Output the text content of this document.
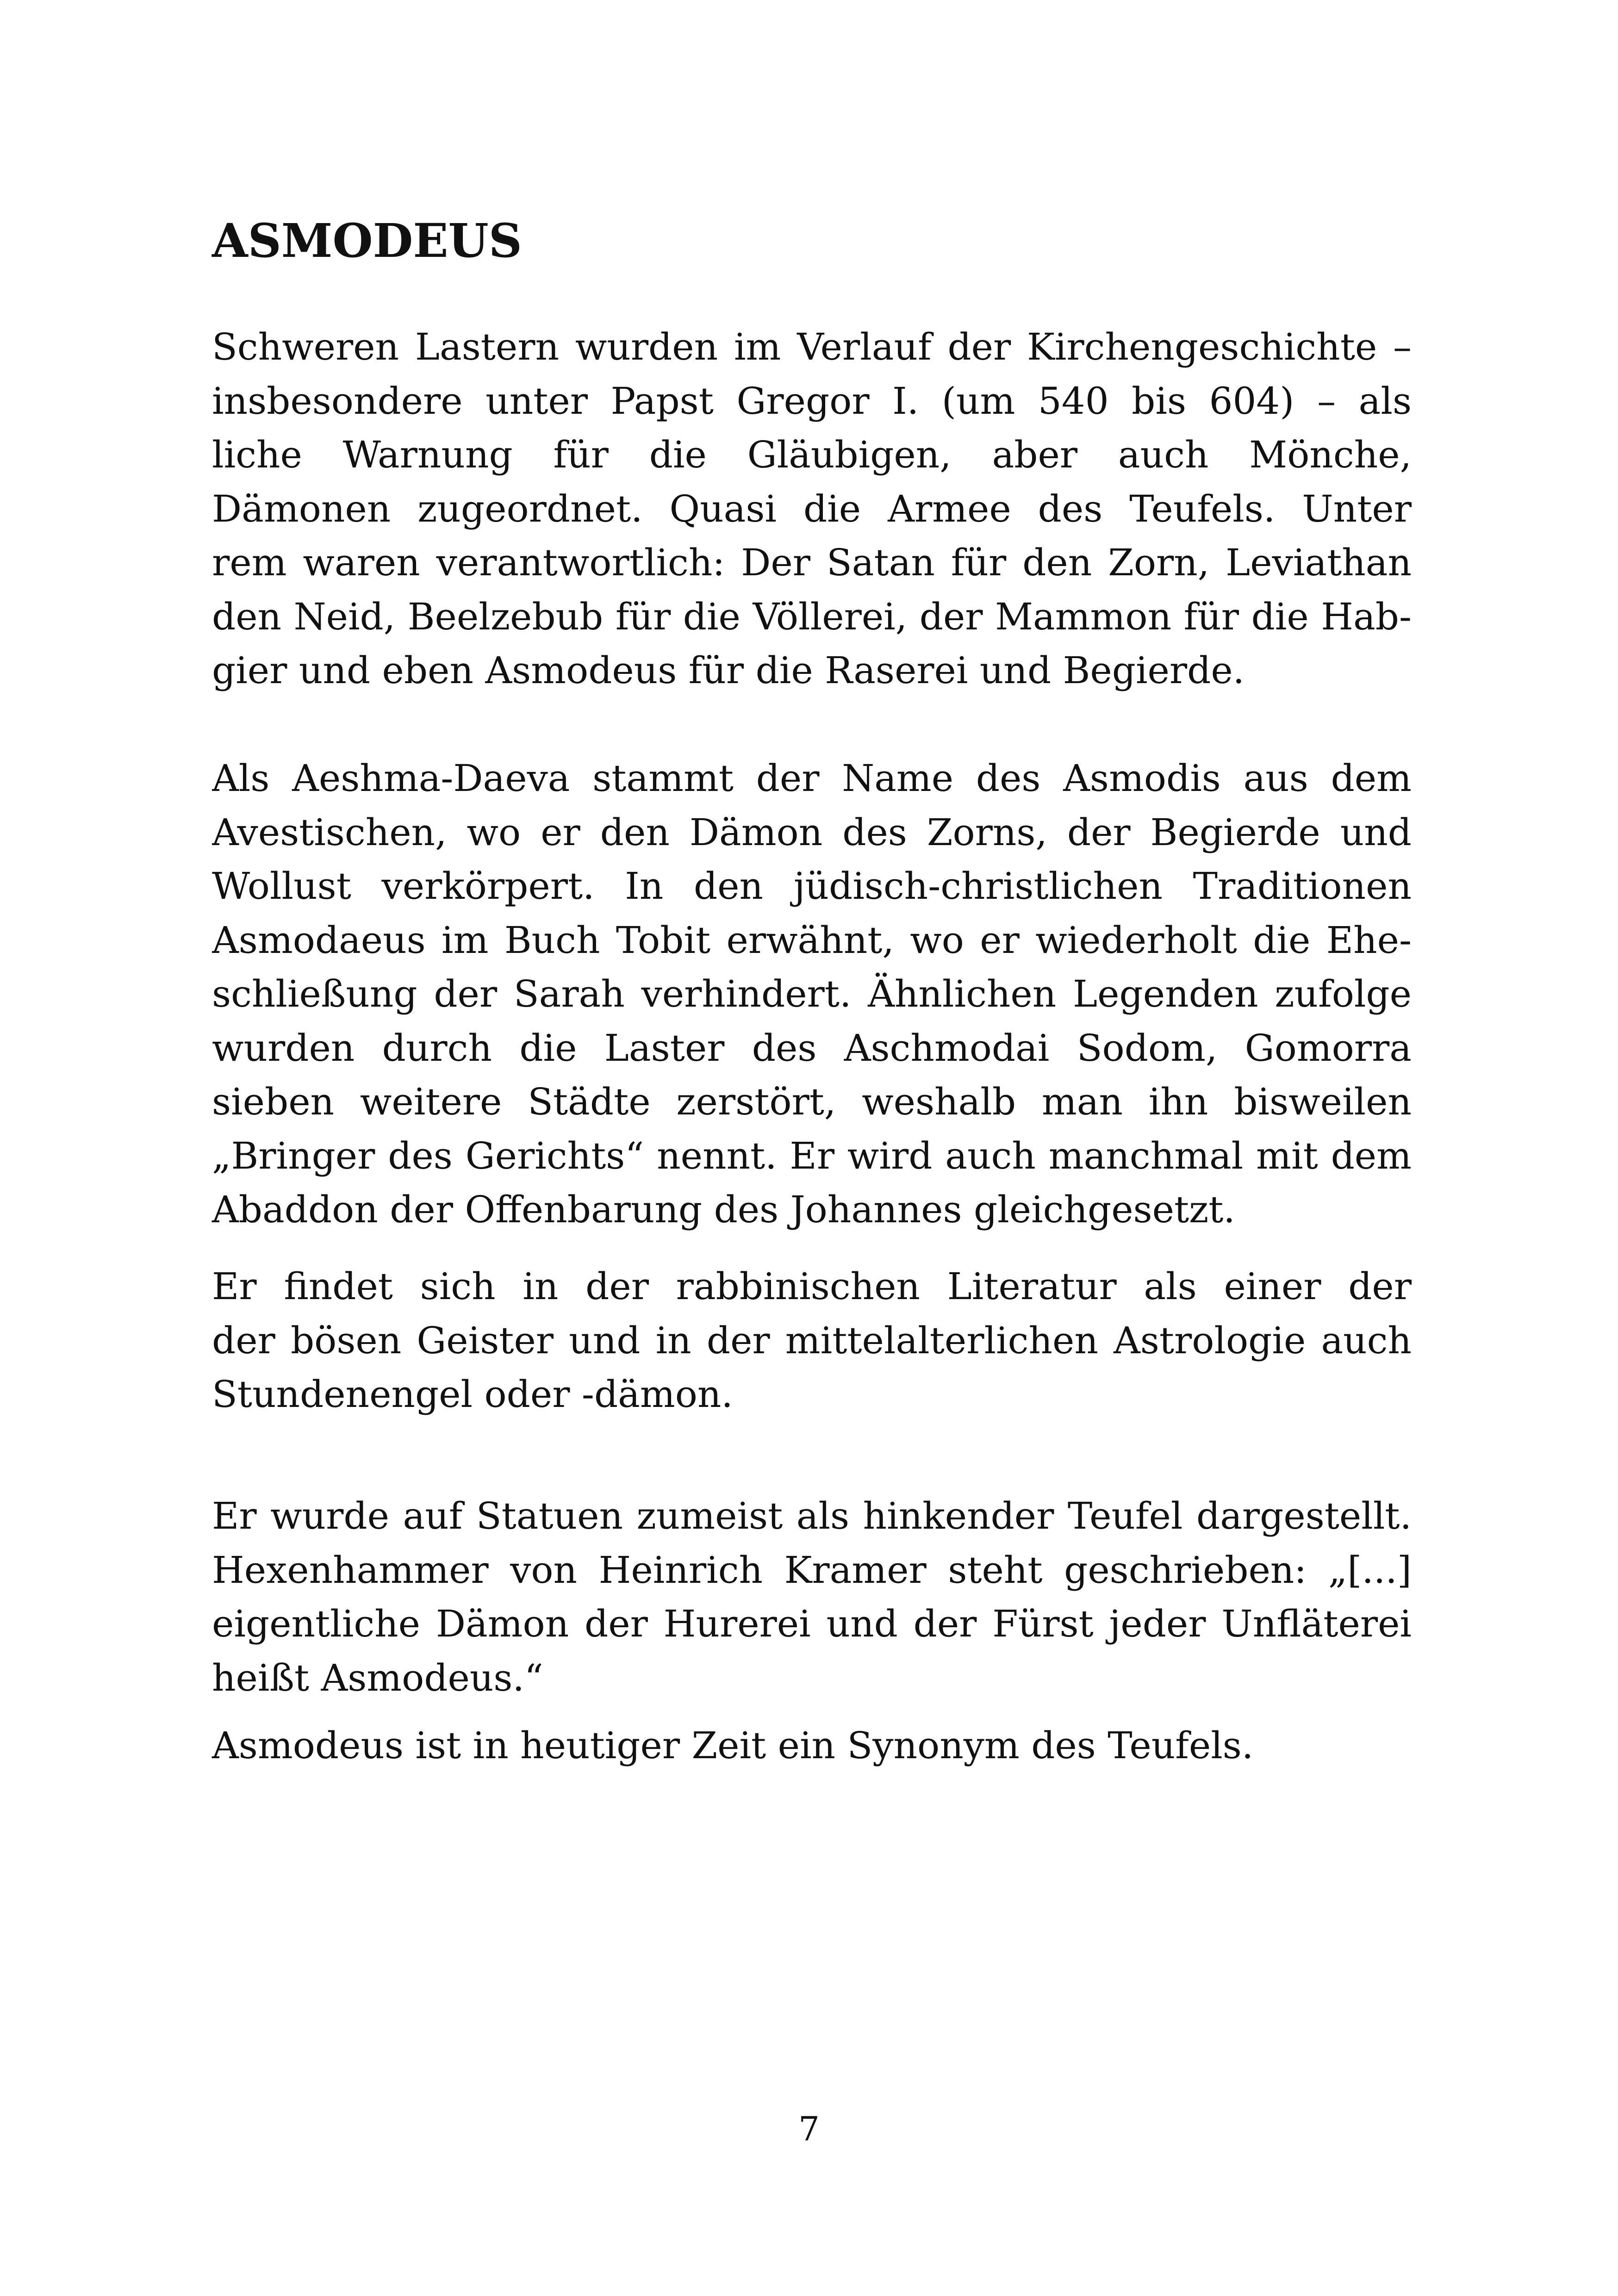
ASMODEUS
Schweren Lastern wurden im Verlauf der Kirchengeschichte –
insbesondere unter Papst Gregor I. (um 540 bis 604) – als
liche Warnung für die Gläubigen, aber auch Mönche,
Dämonen zugeordnet. Quasi die Armee des Teufels. Unter
rem waren verantwortlich: Der Satan für den Zorn, Leviathan
den Neid, Beelzebub für die Völlerei, der Mammon für die Hab-
gier und eben Asmodeus für die Raserei und Begierde.
Als Aeshma-Daeva stammt der Name des Asmodis aus dem
Avestischen, wo er den Dämon des Zorns, der Begierde und
Wollust verkörpert. In den jüdisch-christlichen Traditionen
Asmodaeus im Buch Tobit erwähnt, wo er wiederholt die Ehe-
schließung der Sarah verhindert. Ähnlichen Legenden zufolge
wurden durch die Laster des Aschmodai Sodom, Gomorra
sieben weitere Städte zerstört, weshalb man ihn bisweilen
„Bringer des Gerichts“ nennt. Er wird auch manchmal mit dem
Abaddon der Offenbarung des Johannes gleichgesetzt.
Er findet sich in der rabbinischen Literatur als einer der
der bösen Geister und in der mittelalterlichen Astrologie auch
Stundenengel oder -dämon.
Er wurde auf Statuen zumeist als hinkender Teufel dargestellt.
Hexenhammer von Heinrich Kramer steht geschrieben: „[...]
eigentliche Dämon der Hurerei und der Fürst jeder Unfläterei
heißt Asmodeus.“
Asmodeus ist in heutiger Zeit ein Synonym des Teufels.
7
